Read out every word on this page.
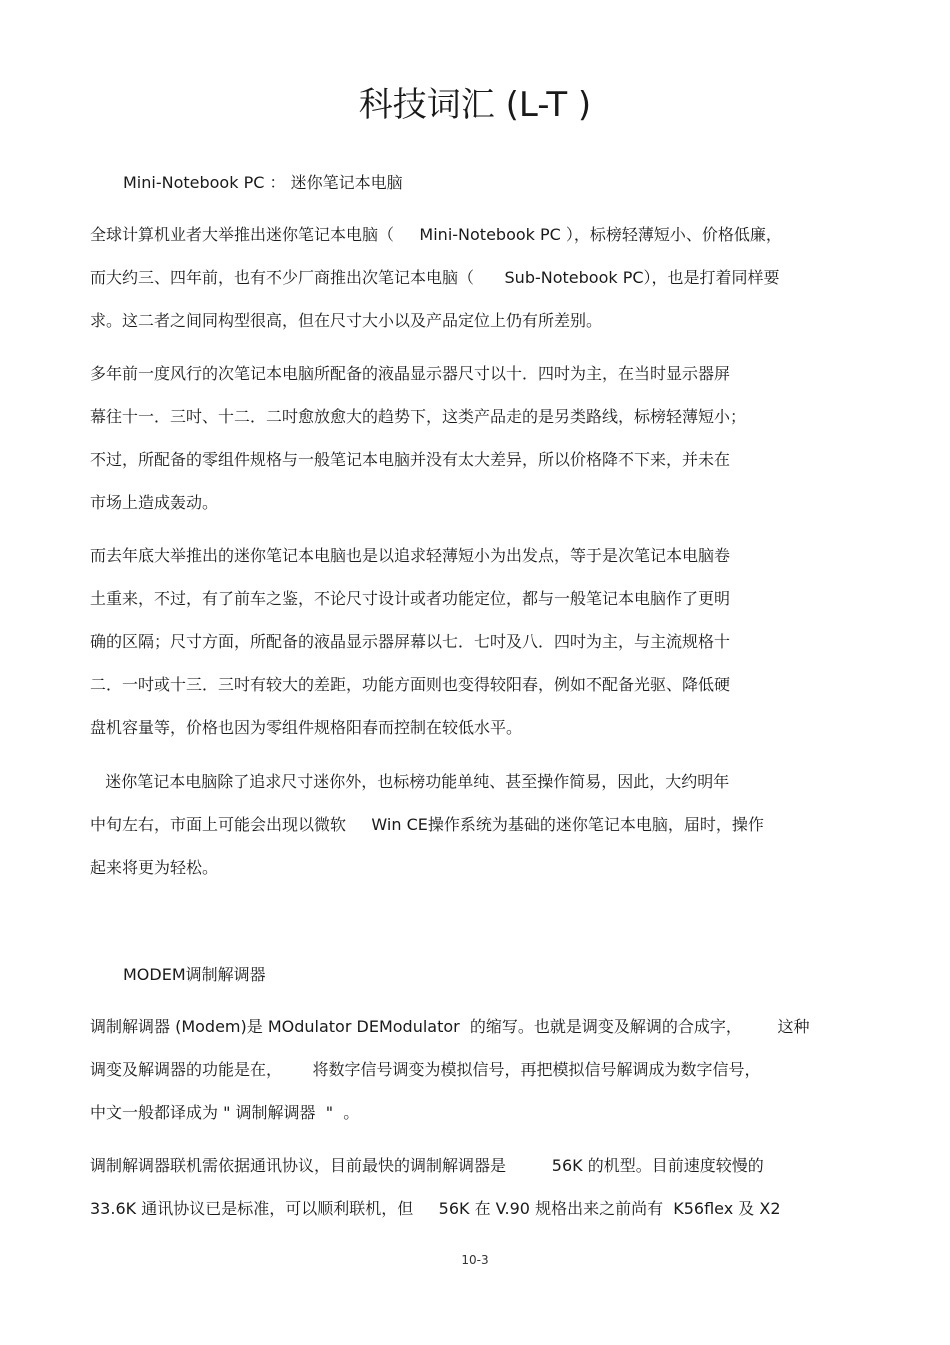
科技词汇 (L-T )

Mini-Notebook PC ： 迷你笔记本电脑

全球计算机业者大举推出迷你笔记本电脑（     Mini-Notebook PC ），标榜轻薄短小、价格低廉，
而大约三、四年前，也有不少厂商推出次笔记本电脑（      Sub-Notebook PC），也是打着同样要
求。这二者之间同构型很高，但在尺寸大小以及产品定位上仍有所差别。
多年前一度风行的次笔记本电脑所配备的液晶显示器尺寸以十．四吋为主，在当时显示器屏
幕往十一．三吋、十二．二吋愈放愈大的趋势下，这类产品走的是另类路线，标榜轻薄短小；
不过，所配备的零组件规格与一般笔记本电脑并没有太大差异，所以价格降不下来，并未在
市场上造成轰动。
而去年底大举推出的迷你笔记本电脑也是以追求轻薄短小为出发点，等于是次笔记本电脑卷
土重来，不过，有了前车之鉴，不论尺寸设计或者功能定位，都与一般笔记本电脑作了更明
确的区隔；尺寸方面，所配备的液晶显示器屏幕以七．七吋及八．四吋为主，与主流规格十
二．一吋或十三．三吋有较大的差距，功能方面则也变得较阳春，例如不配备光驱、降低硬
盘机容量等，价格也因为零组件规格阳春而控制在较低水平。
迷你笔记本电脑除了追求尺寸迷你外，也标榜功能单纯、甚至操作简易，因此，大约明年
中旬左右，市面上可能会出现以微软     Win CE操作系统为基础的迷你笔记本电脑，届时，操作
起来将更为轻松。

MODEM调制解调器

调制解调器 (Modem)是 MOdulator DEModulator  的缩写。也就是调变及解调的合成字，       这种
调变及解调器的功能是在，      将数字信号调变为模拟信号，再把模拟信号解调成为数字信号，
中文一般都译成为 " 调制解调器  "  。
调制解调器联机需依据通讯协议，目前最快的调制解调器是         56K 的机型。目前速度较慢的
33.6K 通讯协议已是标准，可以顺利联机，但     56K 在 V.90 规格出来之前尚有  K56flex 及 X2
10-3
